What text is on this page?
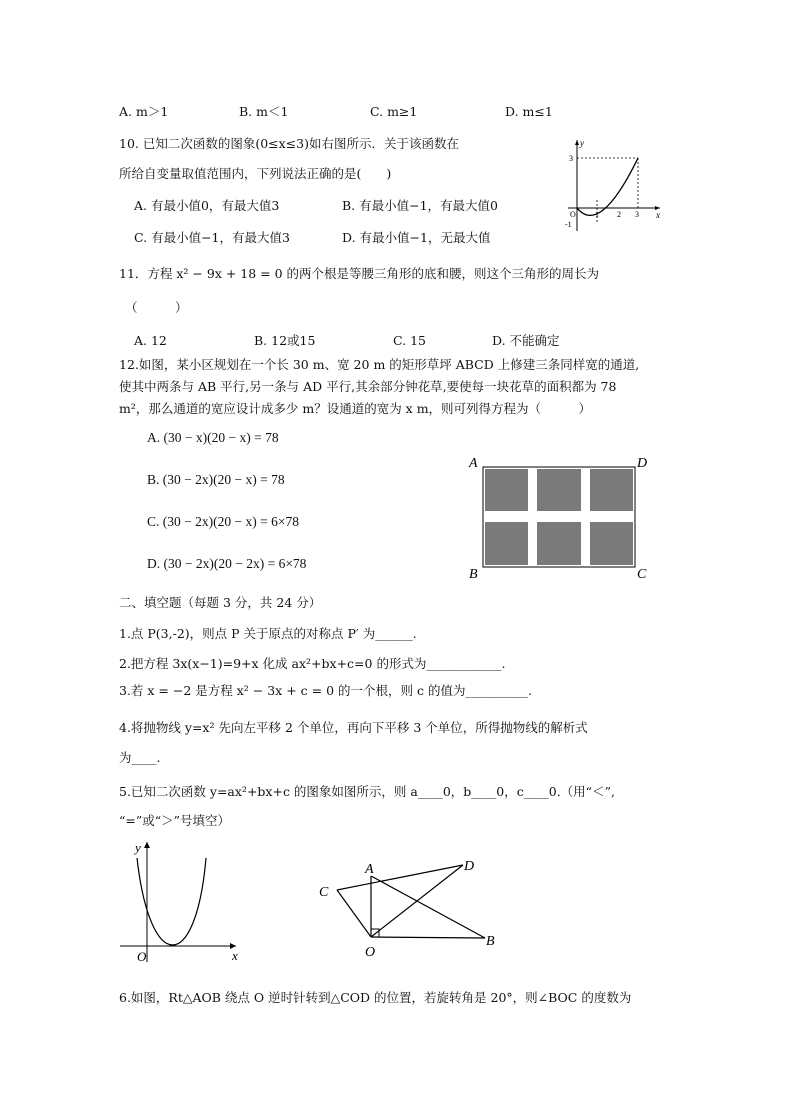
A. m＞1	B. m＜1	C. m≥1	D. m≤1
10. 已知二次函数的图象(0≤x≤3)如右图所示．关于该函数在
所给自变量取值范围内，下列说法正确的是(　　)
A. 有最小值0，有最大值3	B. 有最小值−1，有最大值0
C. 有最小值−1，有最大值3	D. 有最小值−1，无最大值
y
x
O
3
-1
1 2 3
11．方程 x² − 9x + 18 = 0 的两个根是等腰三角形的底和腰，则这个三角形的周长为
（　　　）
A. 12	B. 12或15	C. 15	D. 不能确定
12.如图，某小区规划在一个长 30 m、宽 20 m 的矩形草坪 ABCD 上修建三条同样宽的通道,
使其中两条与 AB 平行,另一条与 AD 平行,其余部分钟花草,要使每一块花草的面积都为 78
m²，那么通道的宽应设计成多少 m？设通道的宽为 x m，则可列得方程为（　　　）
A. (30 − x)(20 − x) = 78
B. (30 − 2x)(20 − x) = 78
C. (30 − 2x)(20 − x) = 6×78
D. (30 − 2x)(20 − 2x) = 6×78
A
B	C
D
二、填空题（每题 3 分，共 24 分）
1.点 P(3,-2)，则点 P 关于原点的对称点 P′ 为______.
2.把方程 3x(x−1)=9+x 化成 ax²+bx+c=0 的形式为____________.
3.若 x = −2 是方程 x² − 3x + c = 0 的一个根，则 c 的值为__________.
4.将抛物线 y=x² 先向左平移 2 个单位，再向下平移 3 个单位，所得抛物线的解析式
为____.
5.已知二次函数 y=ax²+bx+c 的图象如图所示，则 a____0，b____0，c____0.（用“＜”,
“=”或“＞”号填空）
y
x
O
A
B
C
D
O
6.如图，Rt△AOB 绕点 O 逆时针转到△COD 的位置，若旋转角是 20°，则∠BOC 的度数为
